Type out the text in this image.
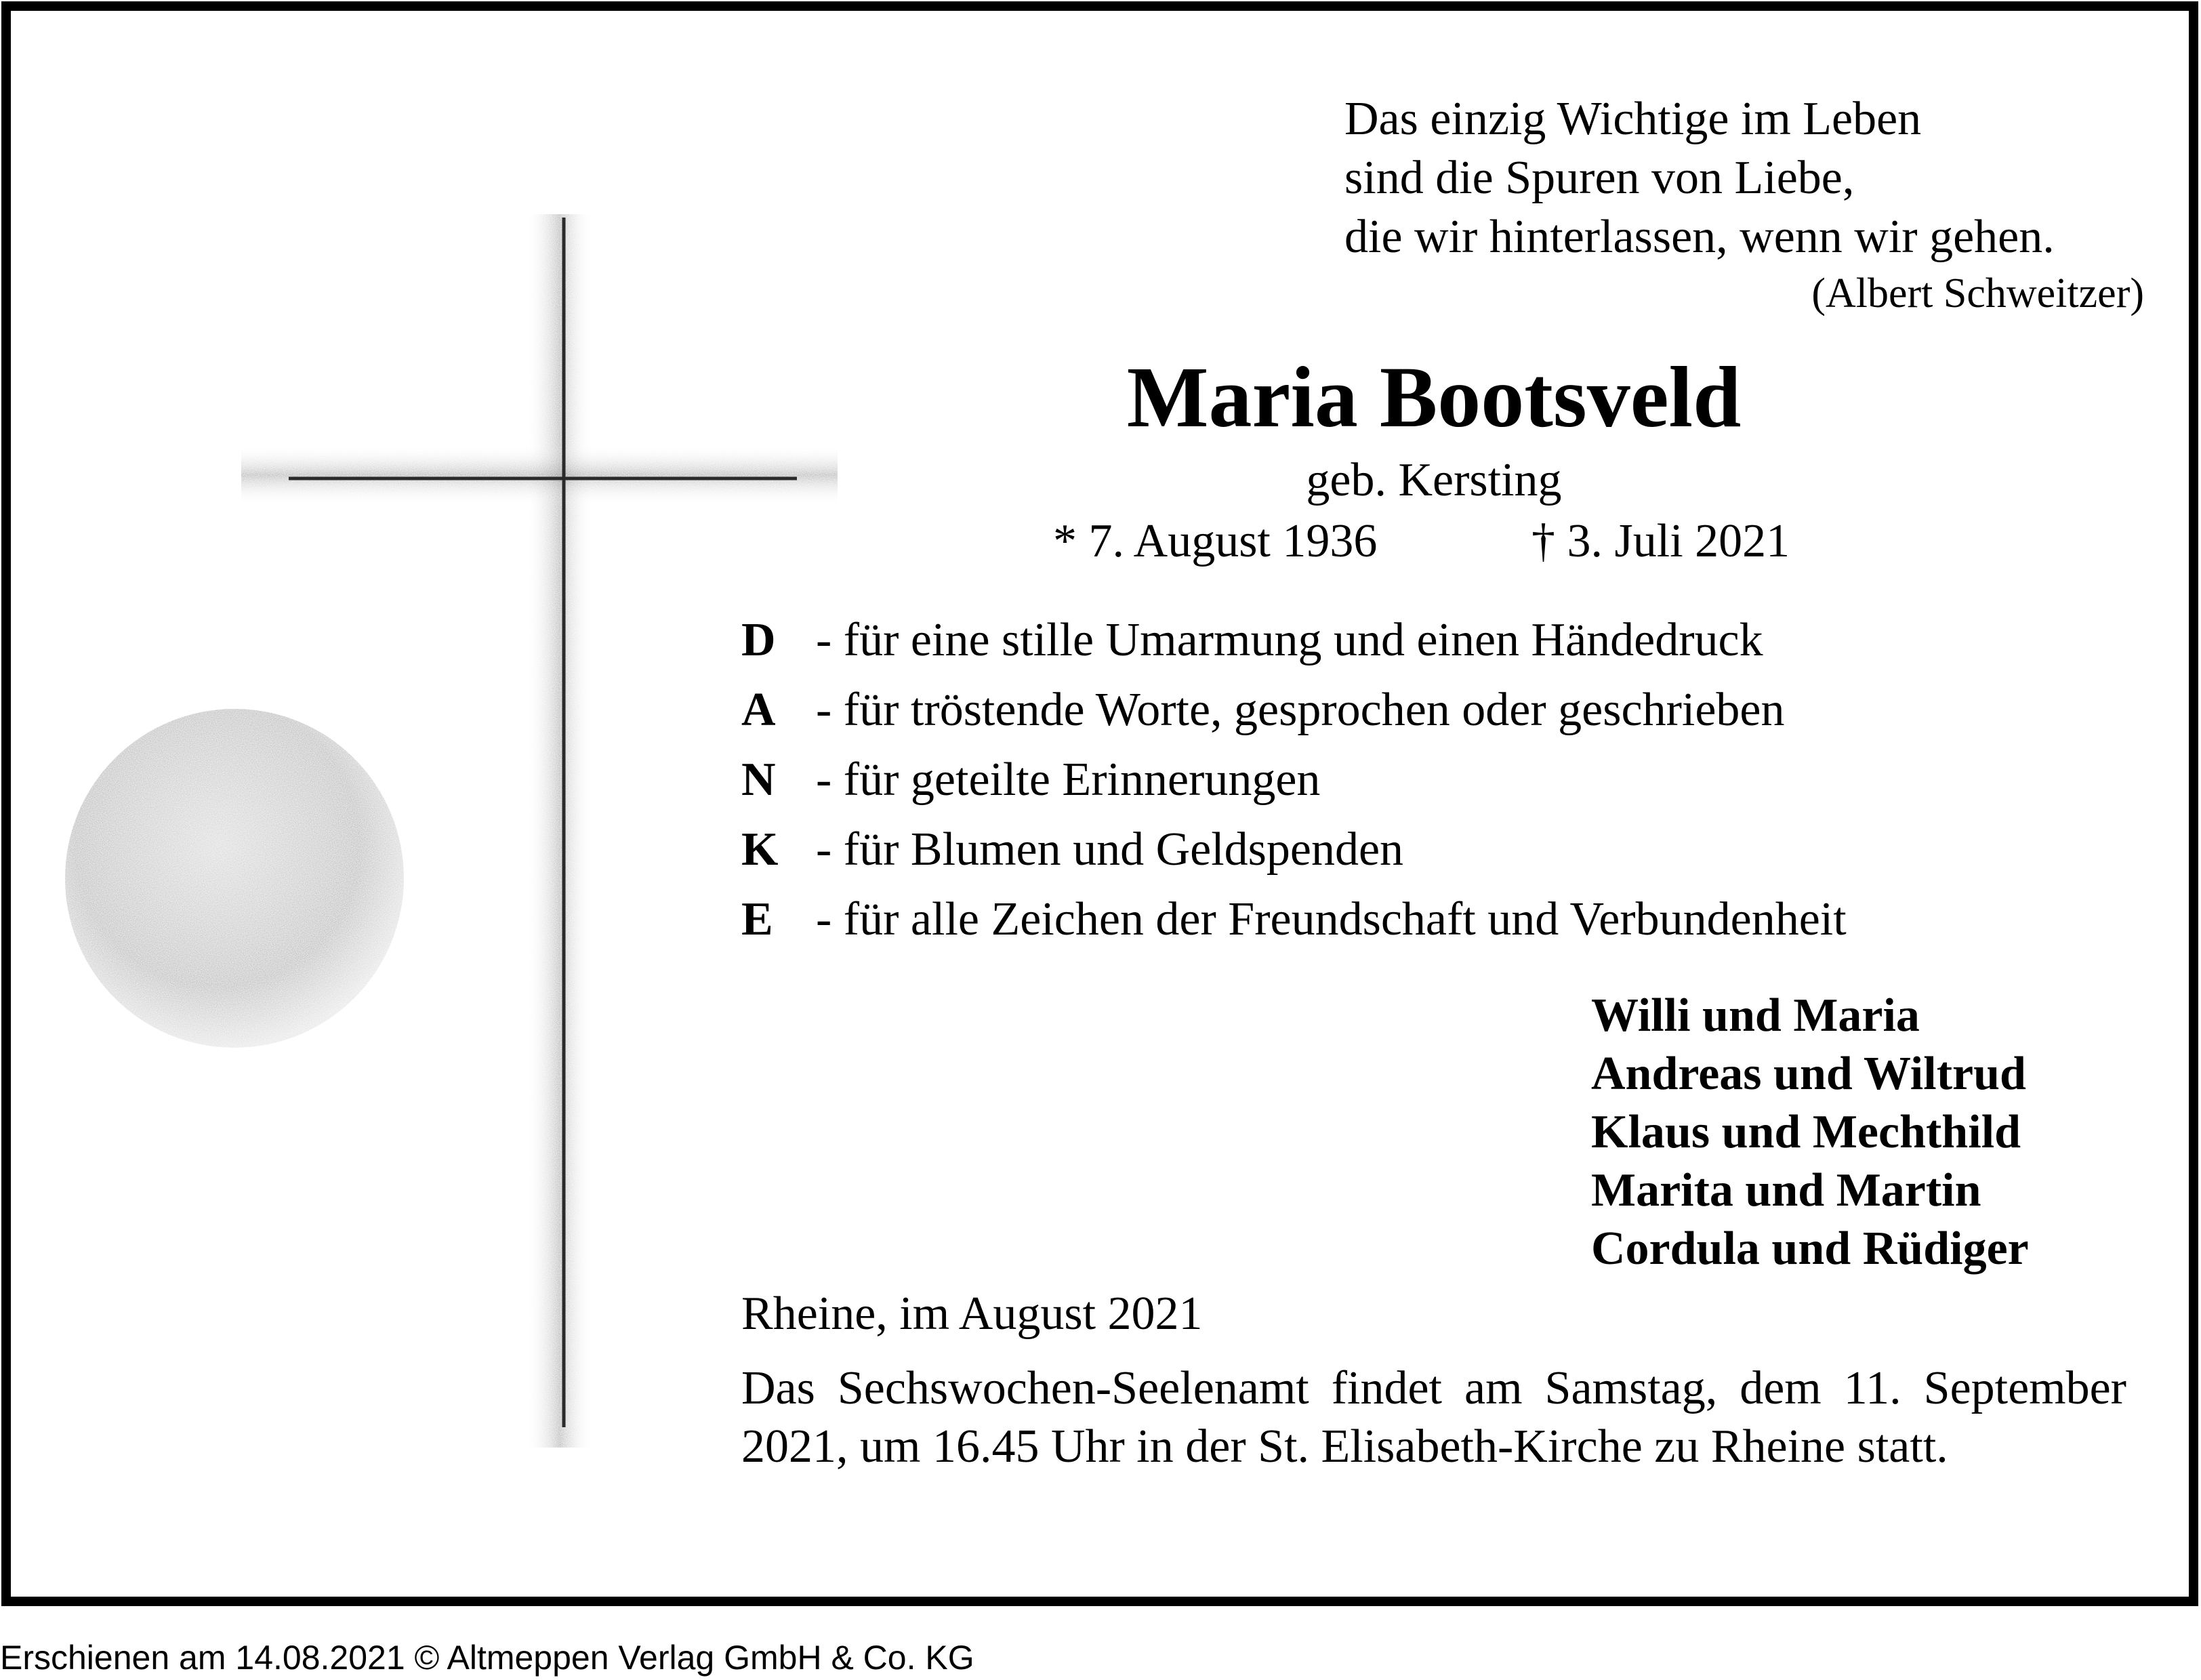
Das einzig Wichtige im Leben
sind die Spuren von Liebe,
die wir hinterlassen, wenn wir gehen.
(Albert Schweitzer)
Maria Bootsveld
geb. Kersting
* 7. August 1936	† 3. Juli 2021
D - für eine stille Umarmung und einen Händedruck
A - für tröstende Worte, gesprochen oder geschrieben
N - für geteilte Erinnerungen
K - für Blumen und Geldspenden
E - für alle Zeichen der Freundschaft und Verbundenheit
Willi und Maria
Andreas und Wiltrud
Klaus und Mechthild
Marita und Martin
Cordula und Rüdiger
Rheine, im August 2021
Das Sechswochen-Seelenamt findet am Samstag, dem 11. September 2021, um 16.45 Uhr in der St. Elisabeth-Kirche zu Rheine statt.
Erschienen am 14.08.2021 © Altmeppen Verlag GmbH & Co. KG
